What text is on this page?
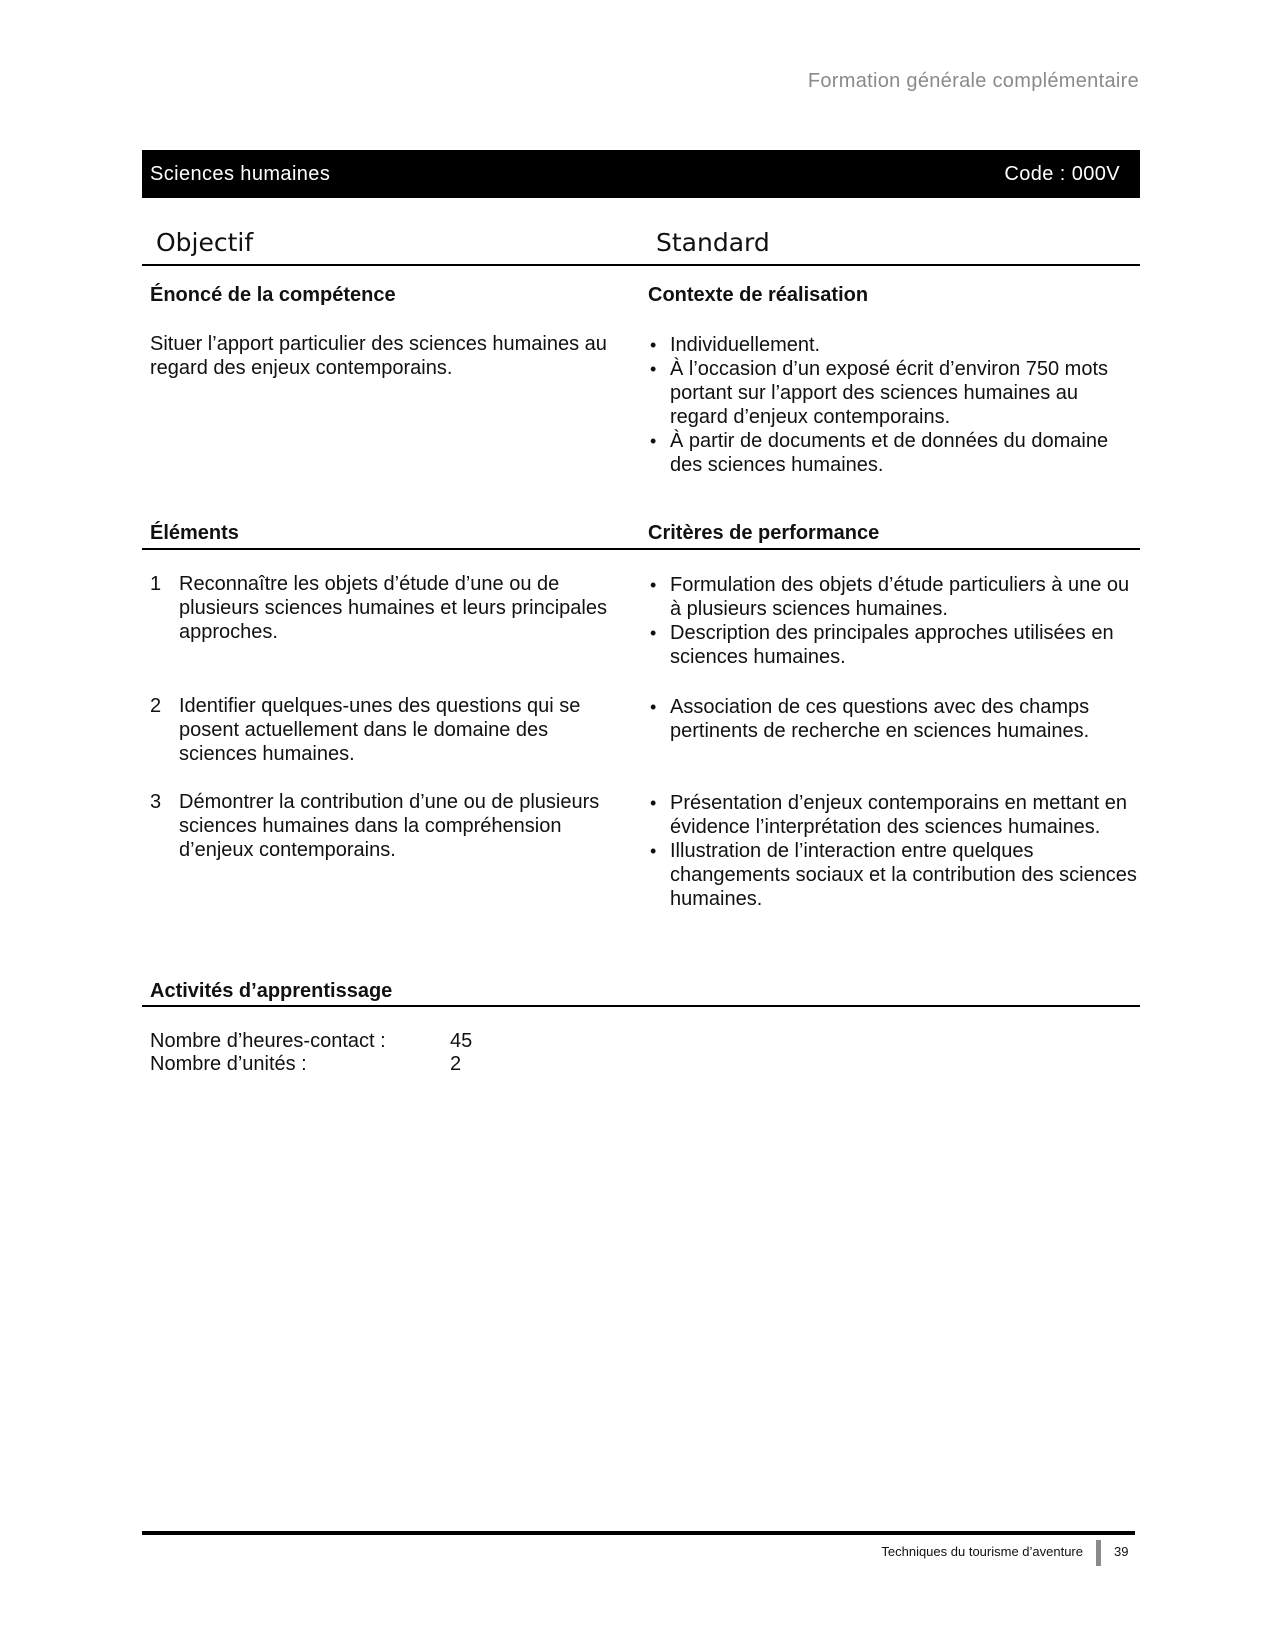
Formation générale complémentaire
Sciences humaines	Code : 000V
Objectif	Standard
Énoncé de la compétence	Contexte de réalisation
Situer l’apport particulier des sciences humaines au regard des enjeux contemporains.
• Individuellement.
• À l’occasion d’un exposé écrit d’environ 750 mots portant sur l’apport des sciences humaines au regard d’enjeux contemporains.
• À partir de documents et de données du domaine des sciences humaines.
Éléments	Critères de performance
1 Reconnaître les objets d’étude d’une ou de plusieurs sciences humaines et leurs principales approches.
• Formulation des objets d’étude particuliers à une ou à plusieurs sciences humaines.
• Description des principales approches utilisées en sciences humaines.
2 Identifier quelques-unes des questions qui se posent actuellement dans le domaine des sciences humaines.
• Association de ces questions avec des champs pertinents de recherche en sciences humaines.
3 Démontrer la contribution d’une ou de plusieurs sciences humaines dans la compréhension d’enjeux contemporains.
• Présentation d’enjeux contemporains en mettant en évidence l’interprétation des sciences humaines.
• Illustration de l’interaction entre quelques changements sociaux et la contribution des sciences humaines.
Activités d’apprentissage
Nombre d’heures-contact :	45
Nombre d’unités :	2
Techniques du tourisme d’aventure 39
